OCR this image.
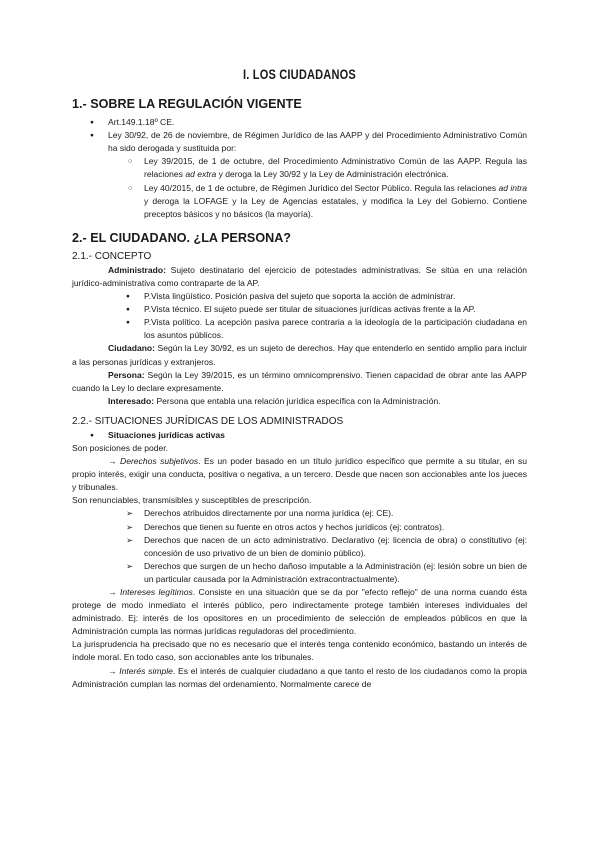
I. LOS CIUDADANOS
1.- SOBRE LA REGULACIÓN VIGENTE
● Art.149.1.18º CE.
● Ley 30/92, de 26 de noviembre, de Régimen Jurídico de las AAPP y del Procedimiento Administrativo Común ha sido derogada y sustituida por:
○ Ley 39/2015, de 1 de octubre, del Procedimiento Administrativo Común de las AAPP. Regula las relaciones ad extra y deroga la Ley 30/92 y la Ley de Administración electrónica.
○ Ley 40/2015, de 1 de octubre, de Régimen Jurídico del Sector Público. Regula las relaciones ad intra y deroga la LOFAGE y la Ley de Agencias estatales, y modifica la Ley del Gobierno. Contiene preceptos básicos y no básicos (la mayoría).
2.- EL CIUDADANO. ¿LA PERSONA?
2.1.- CONCEPTO

Administrado: Sujeto destinatario del ejercicio de potestades administrativas. Se sitúa en una relación jurídico-administrativa como contraparte de la AP.

● P.Vista lingüístico. Posición pasiva del sujeto que soporta la acción de administrar.
● P.Vista técnico. El sujeto puede ser titular de situaciones jurídicas activas frente a la AP.
● P.Vista político. La acepción pasiva parece contraria a la ideología de la participación ciudadana en los asuntos públicos.

Ciudadano: Según la Ley 30/92, es un sujeto de derechos. Hay que entenderlo en sentido amplio para incluir a las personas jurídicas y extranjeros.

Persona: Según la Ley 39/2015, es un término omnicomprensivo. Tienen capacidad de obrar ante las AAPP cuando la Ley lo declare expresamente.

Interesado: Persona que entabla una relación jurídica específica con la Administración.

2.2.- SITUACIONES JURÍDICAS DE LOS ADMINISTRADOS
● Situaciones jurídicas activas

Son posiciones de poder.

→ Derechos subjetivos. Es un poder basado en un título jurídico específico que permite a su titular, en su propio interés, exigir una conducta, positiva o negativa, a un tercero. Desde que nacen son accionables ante los jueces y tribunales.

Son renunciables, transmisibles y susceptibles de prescripción.

➢ Derechos atribuidos directamente por una norma jurídica (ej: CE).
➢ Derechos que tienen su fuente en otros actos y hechos jurídicos (ej: contratos).
➢ Derechos que nacen de un acto administrativo. Declarativo (ej: licencia de obra) o constitutivo (ej: concesión de uso privativo de un bien de dominio público).
➢ Derechos que surgen de un hecho dañoso imputable a la Administración (ej: lesión sobre un bien de un particular causada por la Administración extracontractualmente).

→ Intereses legítimos. Consiste en una situación que se da por "efecto reflejo" de una norma cuando ésta protege de modo inmediato el interés público, pero indirectamente protege también intereses individuales del administrado. Ej: interés de los opositores en un procedimiento de selección de empleados públicos en que la Administración cumpla las normas jurídicas reguladoras del procedimiento.

La jurisprudencia ha precisado que no es necesario que el interés tenga contenido económico, bastando un interés de índole moral. En todo caso, son accionables ante los tribunales.

→ Interés simple. Es el interés de cualquier ciudadano a que tanto el resto de los ciudadanos como la propia Administración cumplan las normas del ordenamiento. Normalmente carece de
